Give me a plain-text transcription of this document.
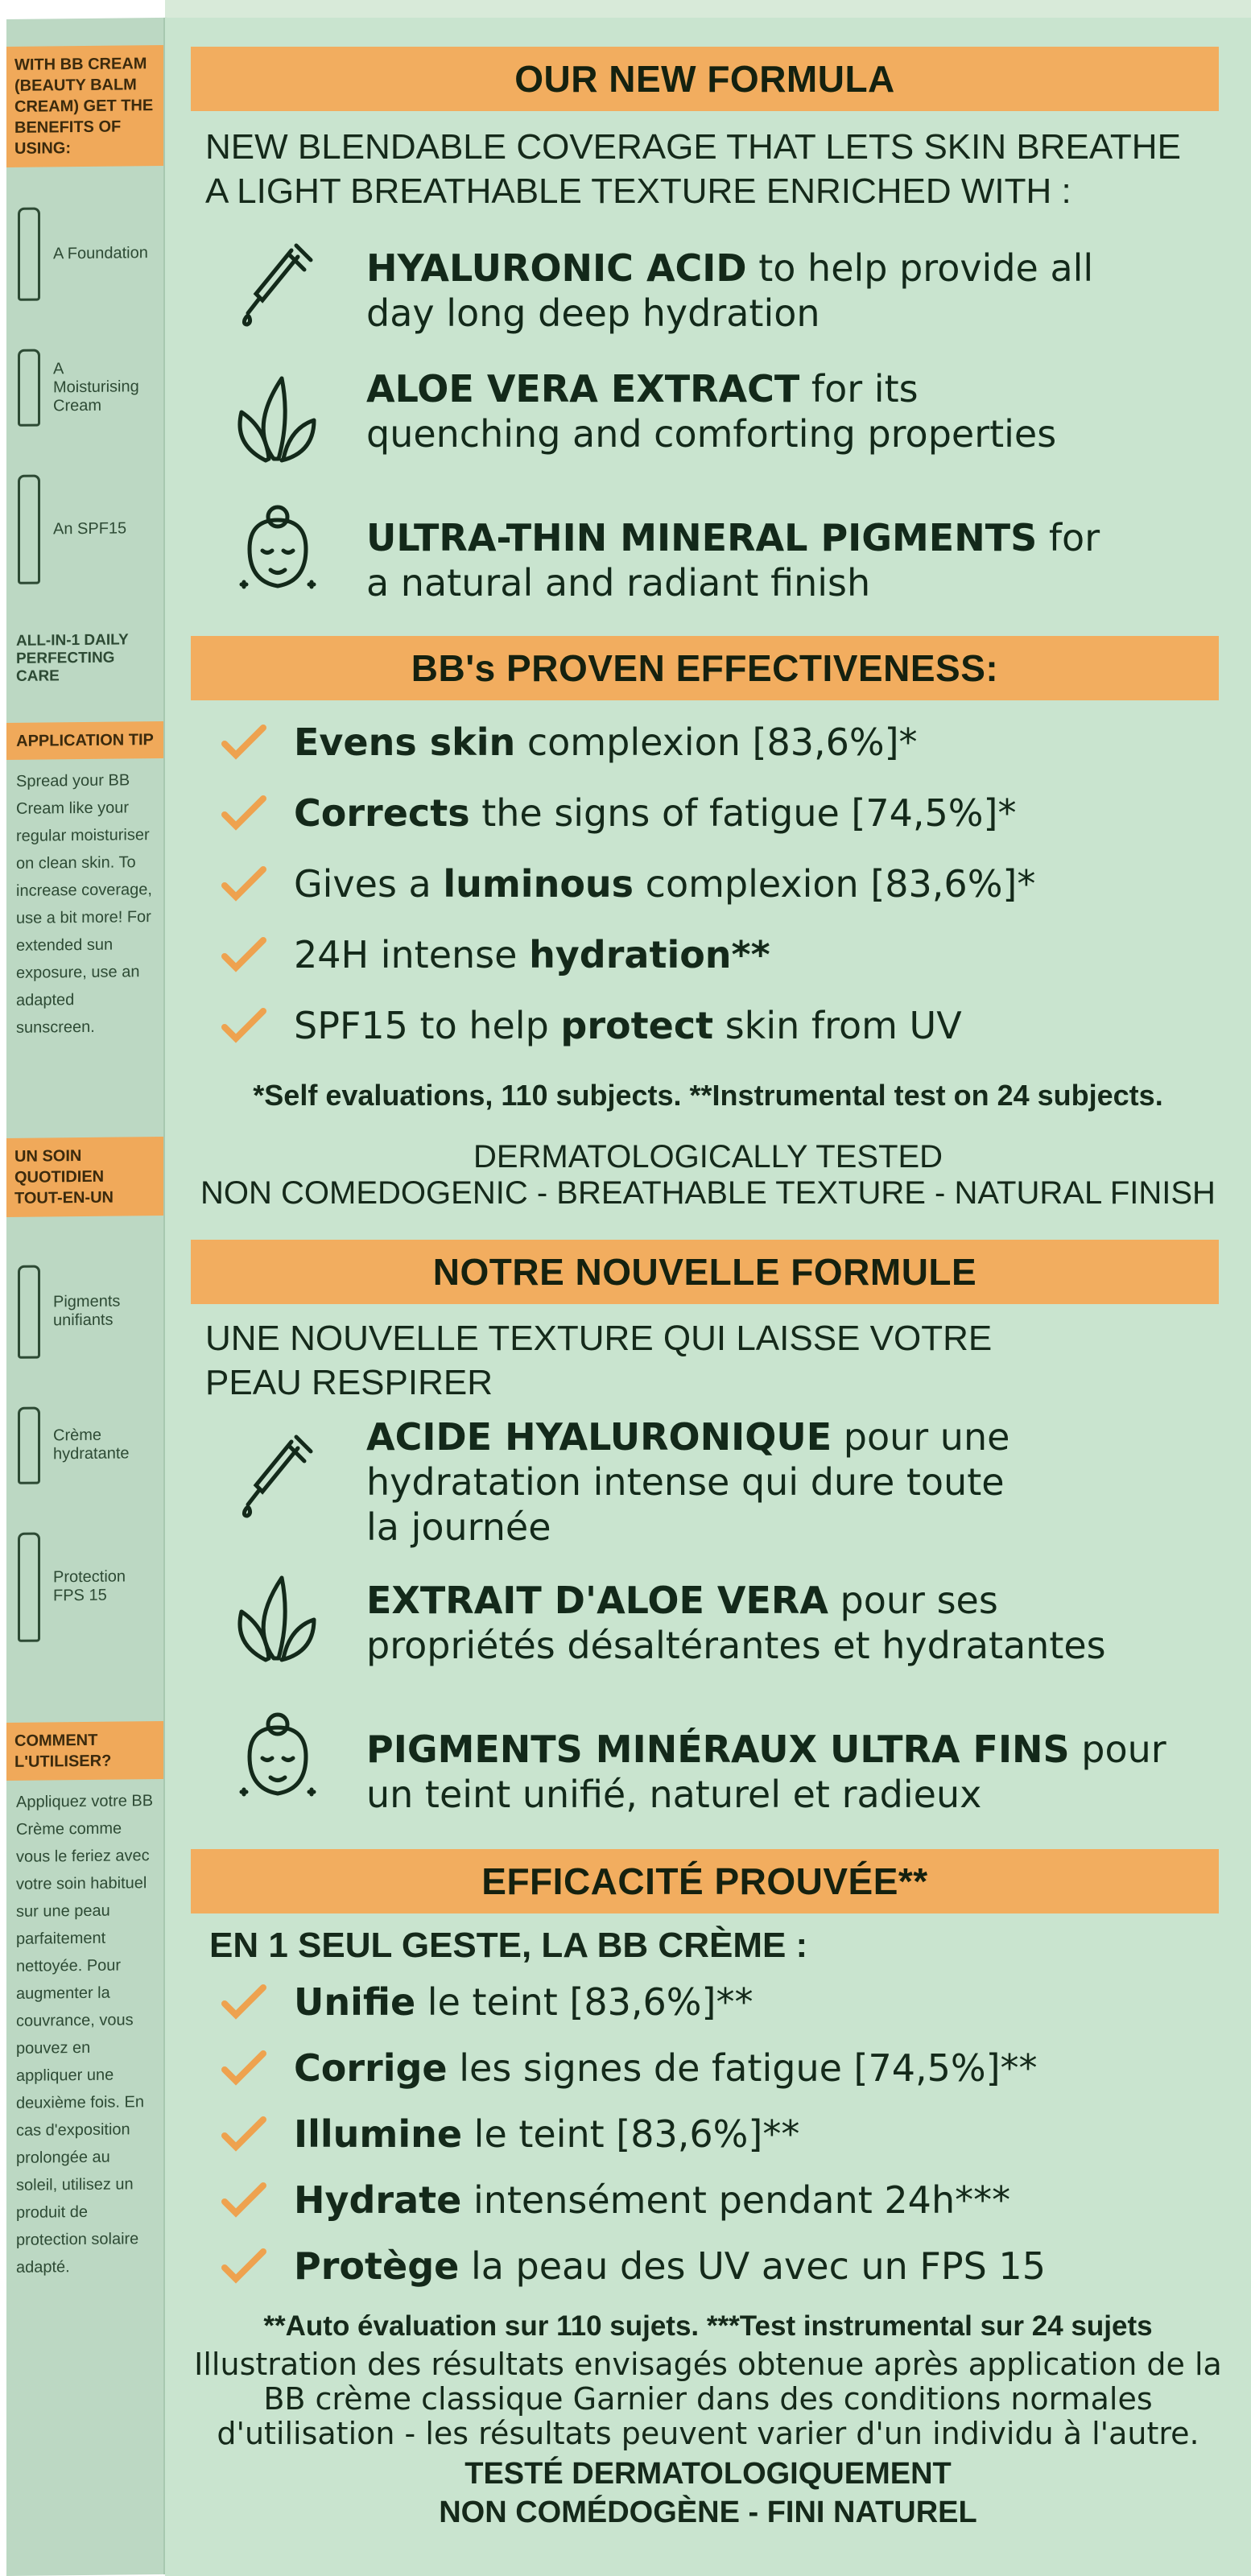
WITH BB CREAM (BEAUTY BALM CREAM) GET THE BENEFITS OF USING:
A Foundation
A Moisturising Cream
An SPF15
ALL-IN-1 DAILY PERFECTING CARE
APPLICATION TIP
Spread your BB Cream like your regular moisturiser on clean skin. To increase coverage, use a bit more! For extended sun exposure, use an adapted sunscreen.
UN SOIN QUOTIDIEN TOUT-EN-UN
Pigments unifiants
Crème hydratante
Protection FPS 15
COMMENT L'UTILISER?
Appliquez votre BB Crème comme vous le feriez avec votre soin habituel sur une peau parfaitement nettoyée. Pour augmenter la couvrance, vous pouvez en appliquer une deuxième fois. En cas d'exposition prolongée au soleil, utilisez un produit de protection solaire adapté.
OUR NEW FORMULA
NEW BLENDABLE COVERAGE THAT LETS SKIN BREATHE
A LIGHT BREATHABLE TEXTURE ENRICHED WITH :
HYALURONIC ACID to help provide all
day long deep hydration
ALOE VERA EXTRACT for its
quenching and comforting properties
ULTRA-THIN MINERAL PIGMENTS for
a natural and radiant finish
BB's PROVEN EFFECTIVENESS:
Evens skin complexion [83,6%]*
Corrects the signs of fatigue [74,5%]*
Gives a luminous complexion [83,6%]*
24H intense hydration**
SPF15 to help protect skin from UV
*Self evaluations, 110 subjects. **Instrumental test on 24 subjects.
DERMATOLOGICALLY TESTED
NON COMEDOGENIC - BREATHABLE TEXTURE - NATURAL FINISH
NOTRE NOUVELLE FORMULE
UNE NOUVELLE TEXTURE QUI LAISSE VOTRE
PEAU RESPIRER
ACIDE HYALURONIQUE pour une
hydratation intense qui dure toute
la journée
EXTRAIT D'ALOE VERA pour ses
propriétés désaltérantes et hydratantes
PIGMENTS MINÉRAUX ULTRA FINS pour
un teint unifié, naturel et radieux
EFFICACITÉ PROUVÉE**
EN 1 SEUL GESTE, LA BB CRÈME :
Unifie le teint [83,6%]**
Corrige les signes de fatigue [74,5%]**
Illumine le teint [83,6%]**
Hydrate intensément pendant 24h***
Protège la peau des UV avec un FPS 15
**Auto évaluation sur 110 sujets. ***Test instrumental sur 24 sujets
Illustration des résultats envisagés obtenue après application de la
BB crème classique Garnier dans des conditions normales
d'utilisation - les résultats peuvent varier d'un individu à l'autre.
TESTÉ DERMATOLOGIQUEMENT
NON COMÉDOGÈNE - FINI NATUREL
